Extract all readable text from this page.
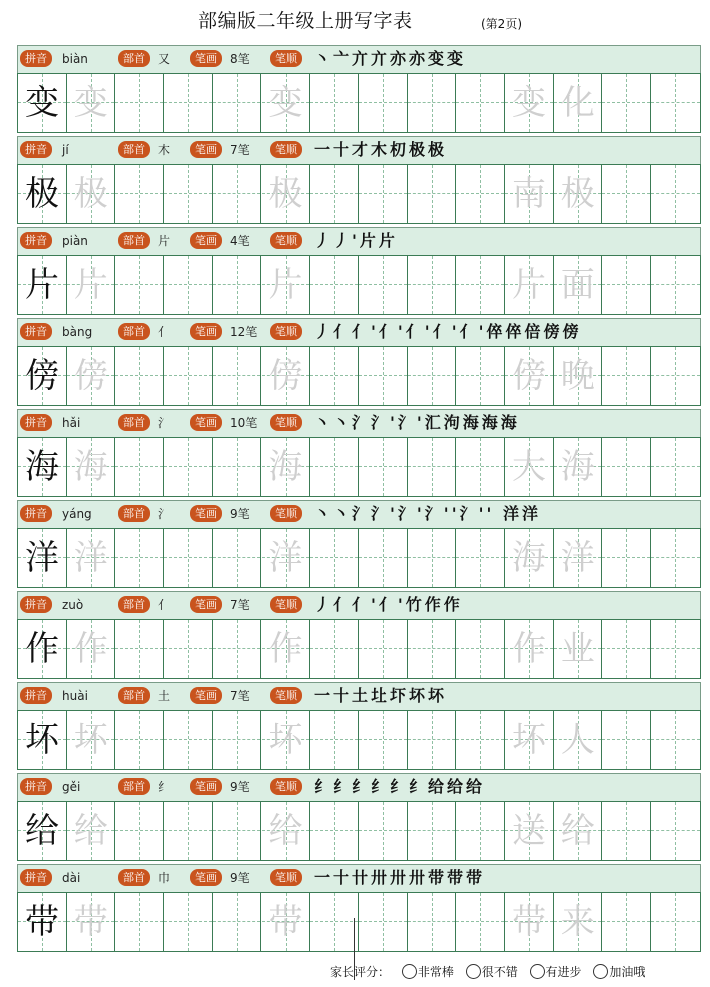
部编版二年级上册写字表	(第2页)
拼音	biàn	部首	又	笔画	8笔	笔顺	丶亠亣亣亦亦变变
变 变	变	变 化
拼音	jí	部首	木	笔画	7笔	笔顺	一十才木朷极极
极 极	极	南 极
拼音	piàn	部首	片	笔画	4笔	笔顺	丿丿'片片
片 片	片	片 面
拼音	bàng	部首	亻	笔画	12笔	笔顺	丿亻亻'亻'亻'亻'亻'倅倅倍傍傍
傍 傍	傍	傍 晚
拼音	hǎi	部首	氵	笔画	10笔	笔顺	丶丶氵氵'氵'汇泃海海海
海 海	海	大 海
拼音	yáng	部首	氵	笔画	9笔	笔顺	丶丶氵氵'氵'氵''氵'' 洋洋
洋 洋	洋	海 洋
拼音	zuò	部首	亻	笔画	7笔	笔顺	丿亻亻'亻'竹作作
作 作	作	作 业
拼音	huài	部首	土	笔画	7笔	笔顺	一十土圵圷坏坏
坏 坏	坏	坏 人
拼音	gěi	部首	纟	笔画	9笔	笔顺	纟纟纟纟纟纟给给给
给 给	给	送 给
拼音	dài	部首	巾	笔画	9笔	笔顺	一十卄卅卅卅带带带
带 带	带	带 来
家长评分： 非常棒 很不错 有进步 加油哦
